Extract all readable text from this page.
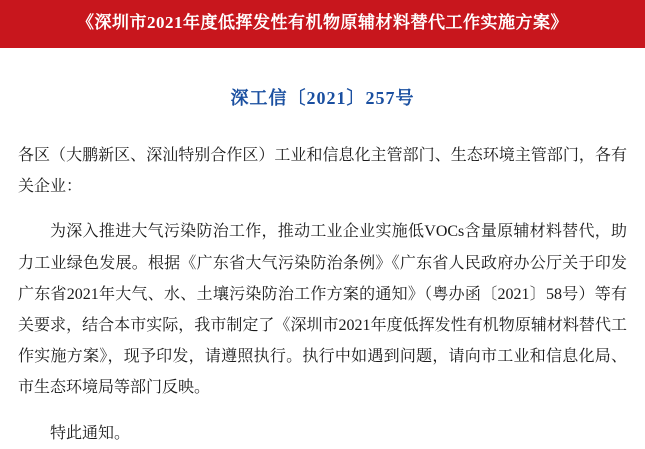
《深圳市2021年度低挥发性有机物原辅材料替代工作实施方案》
深工信〔2021〕257号

各区（大鹏新区、深汕特别合作区）工业和信息化主管部门、生态环境主管部门，各有关企业：

为深入推进大气污染防治工作，推动工业企业实施低VOCs含量原辅材料替代，助力工业绿色发展。根据《广东省大气污染防治条例》《广东省人民政府办公厅关于印发广东省2021年大气、水、土壤污染防治工作方案的通知》（粤办函〔2021〕58号）等有关要求，结合本市实际，我市制定了《深圳市2021年度低挥发性有机物原辅材料替代工作实施方案》，现予印发，请遵照执行。执行中如遇到问题，请向市工业和信息化局、市生态环境局等部门反映。

特此通知。
